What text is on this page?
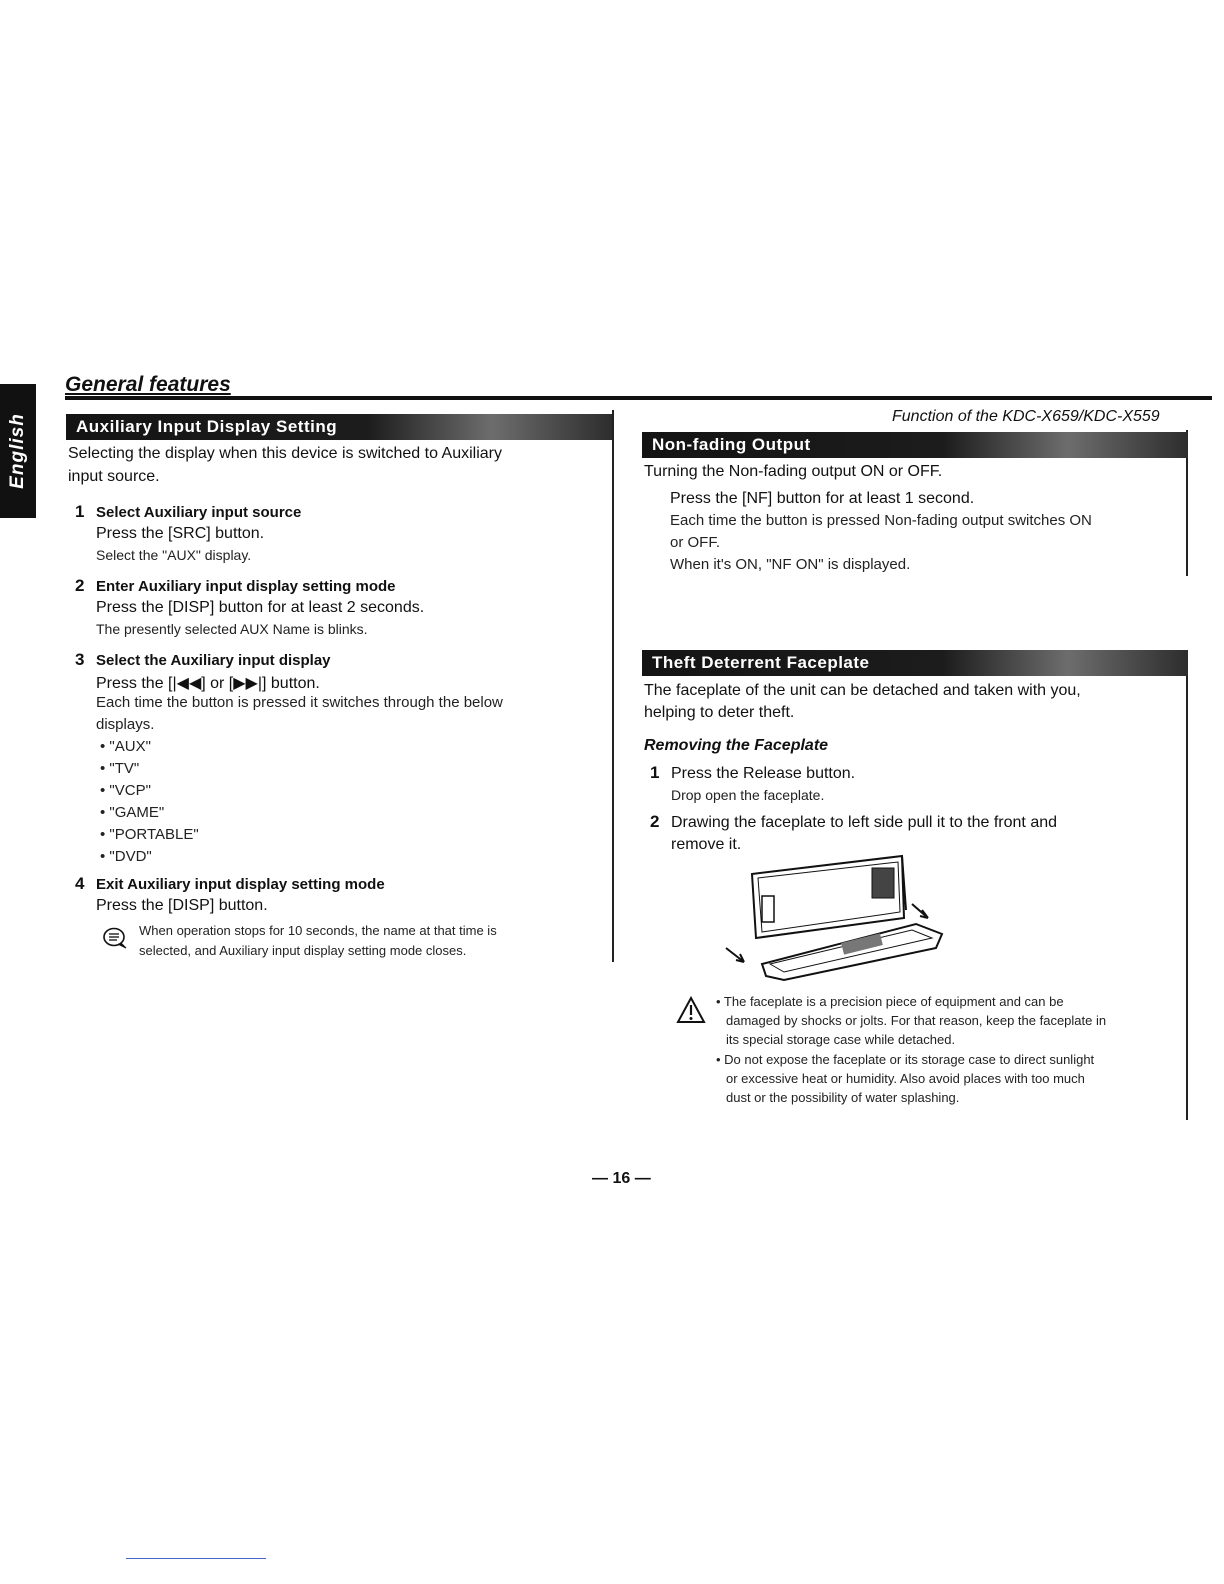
English
General features
Function of the KDC-X659/KDC-X559
Auxiliary Input Display Setting
Selecting the display when this device is switched to Auxiliary
input source.
1 Select Auxiliary input source
Press the [SRC] button.
Select the "AUX" display.
2 Enter Auxiliary input display setting mode
Press the [DISP] button for at least 2 seconds.
The presently selected AUX Name is blinks.
3 Select the Auxiliary input display
Press the [|◀◀] or [▶▶|] button.
Each time the button is pressed it switches through the below
displays.
• "AUX"
• "TV"
• "VCP"
• "GAME"
• "PORTABLE"
• "DVD"
4 Exit Auxiliary input display setting mode
Press the [DISP] button.
When operation stops for 10 seconds, the name at that time is
selected, and Auxiliary input display setting mode closes.
Non-fading Output
Turning the Non-fading output ON or OFF.
Press the [NF] button for at least 1 second.
Each time the button is pressed Non-fading output switches ON
or OFF.
When it's ON, "NF ON" is displayed.
Theft Deterrent Faceplate
The faceplate of the unit can be detached and taken with you,
helping to deter theft.
Removing the Faceplate
1 Press the Release button.
Drop open the faceplate.
2 Drawing the faceplate to left side pull it to the front and
remove it.
• The faceplate is a precision piece of equipment and can be
damaged by shocks or jolts. For that reason, keep the faceplate in
its special storage case while detached.
• Do not expose the faceplate or its storage case to direct sunlight
or excessive heat or humidity. Also avoid places with too much
dust or the possibility of water splashing.
— 16 —
